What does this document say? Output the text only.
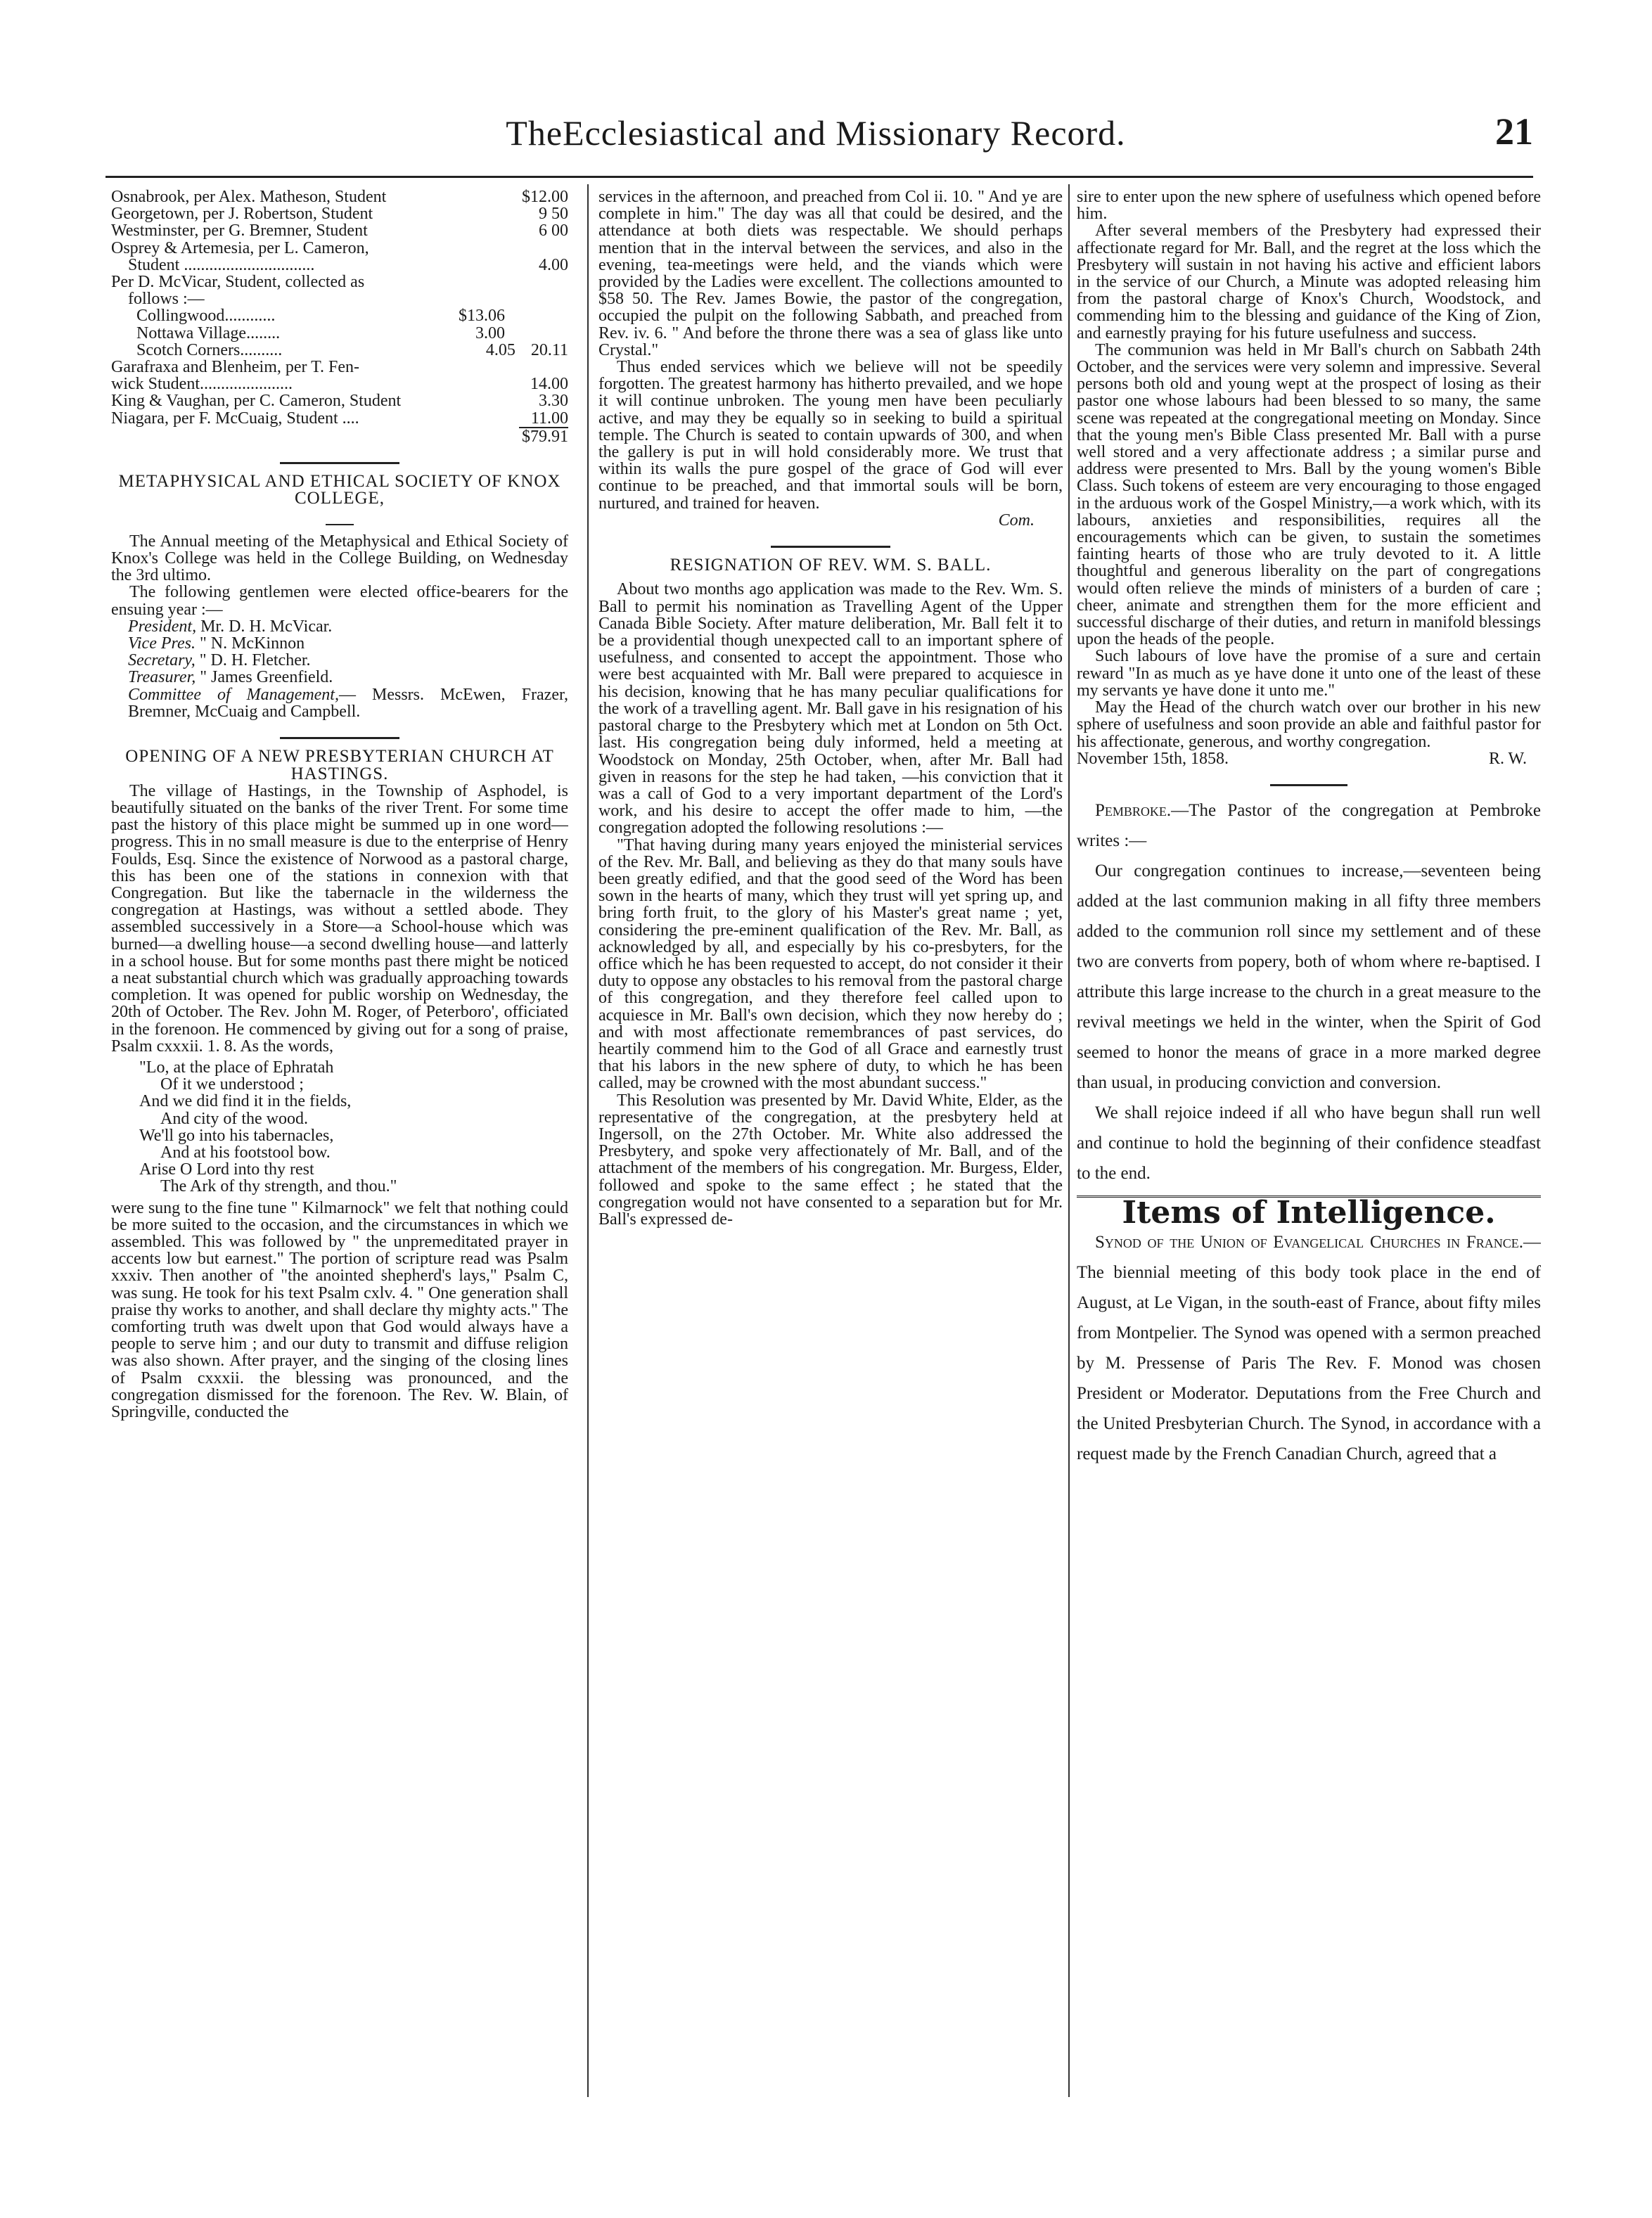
TheEcclesiastical and Missionary Record.	21
Osnabrook, per Alex. Matheson, Student	$12.00
Georgetown, per J. Robertson, Student	9 50
Westminster, per G. Bremner, Student	6 00
Osprey & Artemesia, per L. Cameron,
Student ...............................	4.00
Per D. McVicar, Student, collected as
follows :—
Collingwood............	$13.06
Nottawa Village........	3.00
Scotch Corners..........	4.05 20.11
Garafraxa and Blenheim, per T. Fen-
wick Student......................	14.00
King & Vaughan, per C. Cameron, Student	3.30
Niagara, per F. McCuaig, Student ....	11.00
$79.91

METAPHYSICAL AND ETHICAL SOCIETY OF KNOX COLLEGE,

The Annual meeting of the Metaphysical and Ethical Society of Knox's College was held in the College Building, on Wednesday the 3rd ultimo.

The following gentlemen were elected office-bearers for the ensuing year :—

President, Mr. D. H. McVicar.

Vice Pres. " N. McKinnon

Secretary, " D. H. Fletcher.

Treasurer, " James Greenfield.

Committee of Management,— Messrs. McEwen, Frazer, Bremner, McCuaig and Campbell.

OPENING OF A NEW PRESBYTERIAN CHURCH AT HASTINGS.

The village of Hastings, in the Township of Asphodel, is beautifully situated on the banks of the river Trent. For some time past the history of this place might be summed up in one word—progress. This in no small measure is due to the enterprise of Henry Foulds, Esq. Since the existence of Norwood as a pastoral charge, this has been one of the stations in connexion with that Congregation. But like the tabernacle in the wilderness the congregation at Hastings, was without a settled abode. They assembled successively in a Store—a School-house which was burned—a dwelling house—a second dwelling house—and latterly in a school house. But for some months past there might be noticed a neat substantial church which was gradually approaching towards completion. It was opened for public worship on Wednesday, the 20th of October. The Rev. John M. Roger, of Peterboro', officiated in the forenoon. He commenced by giving out for a song of praise, Psalm cxxxii. 1. 8. As the words,

"Lo, at the place of Ephratah

Of it we understood ;

And we did find it in the fields,

And city of the wood.

We'll go into his tabernacles,

And at his footstool bow.

Arise O Lord into thy rest

The Ark of thy strength, and thou."

were sung to the fine tune " Kilmarnock" we felt that nothing could be more suited to the occasion, and the circumstances in which we assembled. This was followed by " the unpremeditated prayer in accents low but earnest." The portion of scripture read was Psalm xxxiv. Then another of "the anointed shepherd's lays," Psalm C, was sung. He took for his text Psalm cxlv. 4. " One generation shall praise thy works to another, and shall declare thy mighty acts." The comforting truth was dwelt upon that God would always have a people to serve him ; and our duty to transmit and diffuse religion was also shown. After prayer, and the singing of the closing lines of Psalm cxxxii. the blessing was pronounced, and the congregation dismissed for the forenoon. The Rev. W. Blain, of Springville, conducted the

services in the afternoon, and preached from Col ii. 10. " And ye are complete in him." The day was all that could be desired, and the attendance at both diets was respectable. We should perhaps mention that in the interval between the services, and also in the evening, tea-meetings were held, and the viands which were provided by the Ladies were excellent. The collections amounted to $58 50. The Rev. James Bowie, the pastor of the congregation, occupied the pulpit on the following Sabbath, and preached from Rev. iv. 6. " And before the throne there was a sea of glass like unto Crystal."

Thus ended services which we believe will not be speedily forgotten. The greatest harmony has hitherto prevailed, and we hope it will continue unbroken. The young men have been peculiarly active, and may they be equally so in seeking to build a spiritual temple. The Church is seated to contain upwards of 300, and when the gallery is put in will hold considerably more. We trust that within its walls the pure gospel of the grace of God will ever continue to be preached, and that immortal souls will be born, nurtured, and trained for heaven.

Com.

RESIGNATION OF REV. WM. S. BALL.

About two months ago application was made to the Rev. Wm. S. Ball to permit his nomination as Travelling Agent of the Upper Canada Bible Society. After mature deliberation, Mr. Ball felt it to be a providential though unexpected call to an important sphere of usefulness, and consented to accept the appointment. Those who were best acquainted with Mr. Ball were prepared to acquiesce in his decision, knowing that he has many peculiar qualifications for the work of a travelling agent. Mr. Ball gave in his resignation of his pastoral charge to the Presbytery which met at London on 5th Oct. last. His congregation being duly informed, held a meeting at Woodstock on Monday, 25th October, when, after Mr. Ball had given in reasons for the step he had taken, —his conviction that it was a call of God to a very important department of the Lord's work, and his desire to accept the offer made to him, —the congregation adopted the following resolutions :—

"That having during many years enjoyed the ministerial services of the Rev. Mr. Ball, and believing as they do that many souls have been greatly edified, and that the good seed of the Word has been sown in the hearts of many, which they trust will yet spring up, and bring forth fruit, to the glory of his Master's great name ; yet, considering the pre-eminent qualification of the Rev. Mr. Ball, as acknowledged by all, and especially by his co-presbyters, for the office which he has been requested to accept, do not consider it their duty to oppose any obstacles to his removal from the pastoral charge of this congregation, and they therefore feel called upon to acquiesce in Mr. Ball's own decision, which they now hereby do ; and with most affectionate remembrances of past services, do heartily commend him to the God of all Grace and earnestly trust that his labors in the new sphere of duty, to which he has been called, may be crowned with the most abundant success."

This Resolution was presented by Mr. David White, Elder, as the representative of the congregation, at the presbytery held at Ingersoll, on the 27th October. Mr. White also addressed the Presbytery, and spoke very affectionately of Mr. Ball, and of the attachment of the members of his congregation. Mr. Burgess, Elder, followed and spoke to the same effect ; he stated that the congregation would not have consented to a separation but for Mr. Ball's expressed de-

sire to enter upon the new sphere of usefulness which opened before him.

After several members of the Presbytery had expressed their affectionate regard for Mr. Ball, and the regret at the loss which the Presbytery will sustain in not having his active and efficient labors in the service of our Church, a Minute was adopted releasing him from the pastoral charge of Knox's Church, Woodstock, and commending him to the blessing and guidance of the King of Zion, and earnestly praying for his future usefulness and success.

The communion was held in Mr Ball's church on Sabbath 24th October, and the services were very solemn and impressive. Several persons both old and young wept at the prospect of losing as their pastor one whose labours had been blessed to so many, the same scene was repeated at the congregational meeting on Monday. Since that the young men's Bible Class presented Mr. Ball with a purse well stored and a very affectionate address ; a similar purse and address were presented to Mrs. Ball by the young women's Bible Class. Such tokens of esteem are very encouraging to those engaged in the arduous work of the Gospel Ministry,—a work which, with its labours, anxieties and responsibilities, requires all the encouragements which can be given, to sustain the sometimes fainting hearts of those who are truly devoted to it. A little thoughtful and generous liberality on the part of congregations would often relieve the minds of ministers of a burden of care ; cheer, animate and strengthen them for the more efficient and successful discharge of their duties, and return in manifold blessings upon the heads of the people.

Such labours of love have the promise of a sure and certain reward "In as much as ye have done it unto one of the least of these my servants ye have done it unto me."

May the Head of the church watch over our brother in his new sphere of usefulness and soon provide an able and faithful pastor for his affectionate, generous, and worthy congregation.

November 15th, 1858.	R. W.

Pembroke.—The Pastor of the congregation at Pembroke writes :—

Our congregation continues to increase,—seventeen being added at the last communion making in all fifty three members added to the communion roll since my settlement and of these two are converts from popery, both of whom where re-baptised. I attribute this large increase to the church in a great measure to the revival meetings we held in the winter, when the Spirit of God seemed to honor the means of grace in a more marked degree than usual, in producing conviction and conversion.

We shall rejoice indeed if all who have begun shall run well and continue to hold the beginning of their confidence steadfast to the end.

Items of Intelligence.

Synod of the Union of Evangelical Churches in France.—The biennial meeting of this body took place in the end of August, at Le Vigan, in the south-east of France, about fifty miles from Montpelier. The Synod was opened with a sermon preached by M. Pressense of Paris The Rev. F. Monod was chosen President or Moderator. Deputations from the Free Church and the United Presbyterian Church. The Synod, in accordance with a request made by the French Canadian Church, agreed that a
